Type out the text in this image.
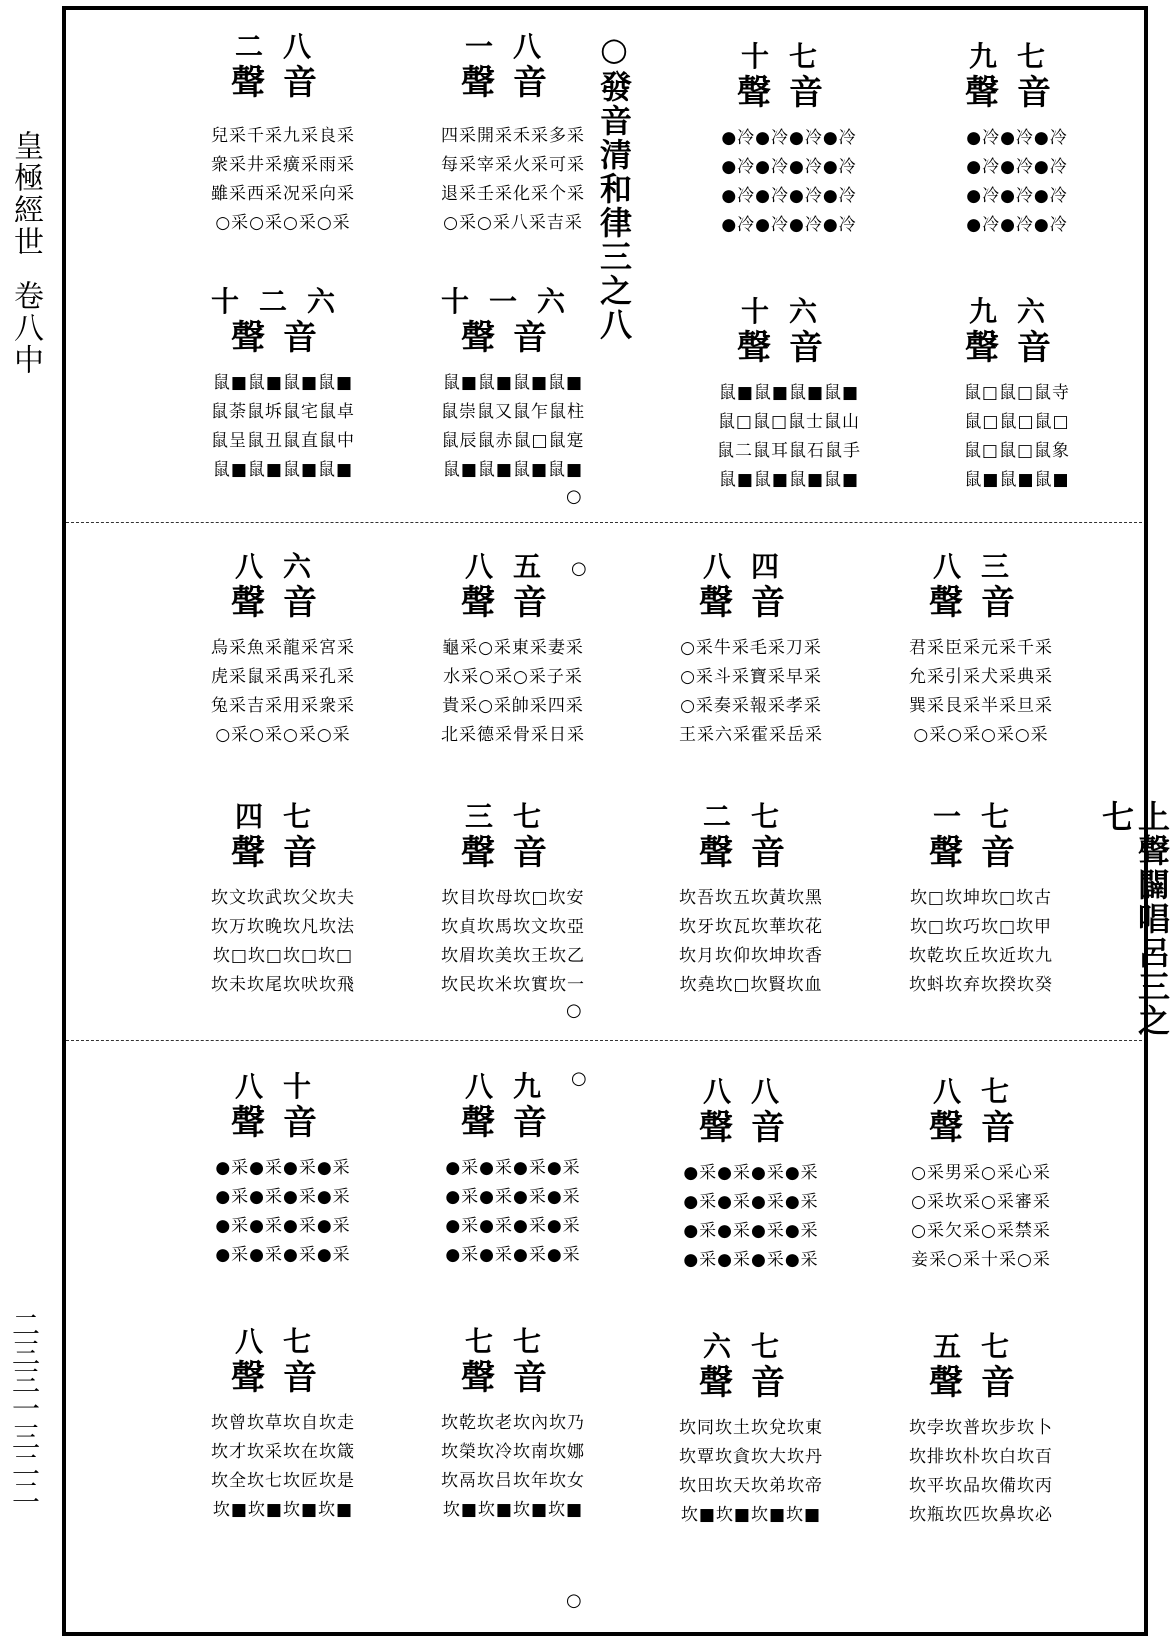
皇極經世
卷八中
二三三一三二二
二八
聲音
兒采千采九采良采
衆采井采癀采雨采
雖采西采况采向采
○采○采○采○采
一八
聲音
四采開采禾采多采
每采宰采火采可采
退采壬采化采个采
○采○采八采吉采 ○發音清和律三之八	十七
聲音
●冷●冷●冷●冷
●冷●冷●冷●冷
●冷●冷●冷●冷
●冷●冷●冷●冷
九七
聲音
●冷●冷●冷
●冷●冷●冷
●冷●冷●冷
●冷●冷●冷
十二六
聲音
鼠■鼠■鼠■鼠■
鼠荼鼠坼鼠宅鼠卓
鼠呈鼠丑鼠直鼠中
鼠■鼠■鼠■鼠■
十一六
聲音
鼠■鼠■鼠■鼠■
鼠崇鼠又鼠乍鼠柱
鼠辰鼠赤鼠□鼠寔
鼠■鼠■鼠■鼠■
十六
聲音
鼠■鼠■鼠■鼠■
鼠□鼠□鼠士鼠山
鼠二鼠耳鼠石鼠手
鼠■鼠■鼠■鼠■
九六
聲音
鼠□鼠□鼠寺
鼠□鼠□鼠□
鼠□鼠□鼠象
鼠■鼠■鼠■
○
八六
聲音
烏采魚采龍采宮采
虎采鼠采禹采孔采
兔采吉采用采衆采
○采○采○采○采
八五
聲音
龜采○采東采妻采
水采○采○采子采
貴采○采帥采四采
北采德采骨采日采
○	八四
聲音
○采牛采毛采刀采
○采斗采寶采早采
○采奏采報采孝采
王采六采霍采岳采
八三
聲音
君采臣采元采千采
允采引采犬采典采
巽采艮采半采旦采
○采○采○采○采
四七
聲音
坎文坎武坎父坎夫
坎万坎晚坎凡坎法
坎□坎□坎□坎□
坎未坎尾坎吠坎飛
三七
聲音
坎目坎母坎□坎安
坎貞坎馬坎文坎亞
坎眉坎美坎王坎乙
坎民坎米坎實坎一
二七
聲音
坎吾坎五坎黃坎黑
坎牙坎瓦坎華坎花
坎月坎仰坎坤坎香
坎堯坎□坎賢坎血
一七
聲音
坎□坎坤坎□坎古
坎□坎巧坎□坎甲
坎乾坎丘坎近坎九
坎蚪坎弃坎揆坎癸	上聲闢唱呂三之七
○
八十
聲音
●采●采●采●采
●采●采●采●采
●采●采●采●采
●采●采●采●采
八九
聲音
●采●采●采●采
●采●采●采●采
●采●采●采●采
●采●采●采●采
○	八八
聲音
●采●采●采●采
●采●采●采●采
●采●采●采●采
●采●采●采●采
八七
聲音
○采男采○采心采
○采坎采○采審采
○采欠采○采禁采
妾采○采十采○采
八七
聲音
坎曾坎草坎自坎走
坎才坎采坎在坎箴
坎全坎七坎匠坎是
坎■坎■坎■坎■
七七
聲音
坎乾坎老坎內坎乃
坎榮坎冷坎南坎娜
坎鬲坎吕坎年坎女
坎■坎■坎■坎■
六七
聲音
坎同坎土坎兌坎東
坎覃坎貪坎大坎丹
坎田坎天坎弟坎帝
坎■坎■坎■坎■
五七
聲音
坎孛坎普坎步坎卜
坎排坎朴坎白坎百
坎平坎品坎備坎丙
坎瓶坎匹坎鼻坎必
○
